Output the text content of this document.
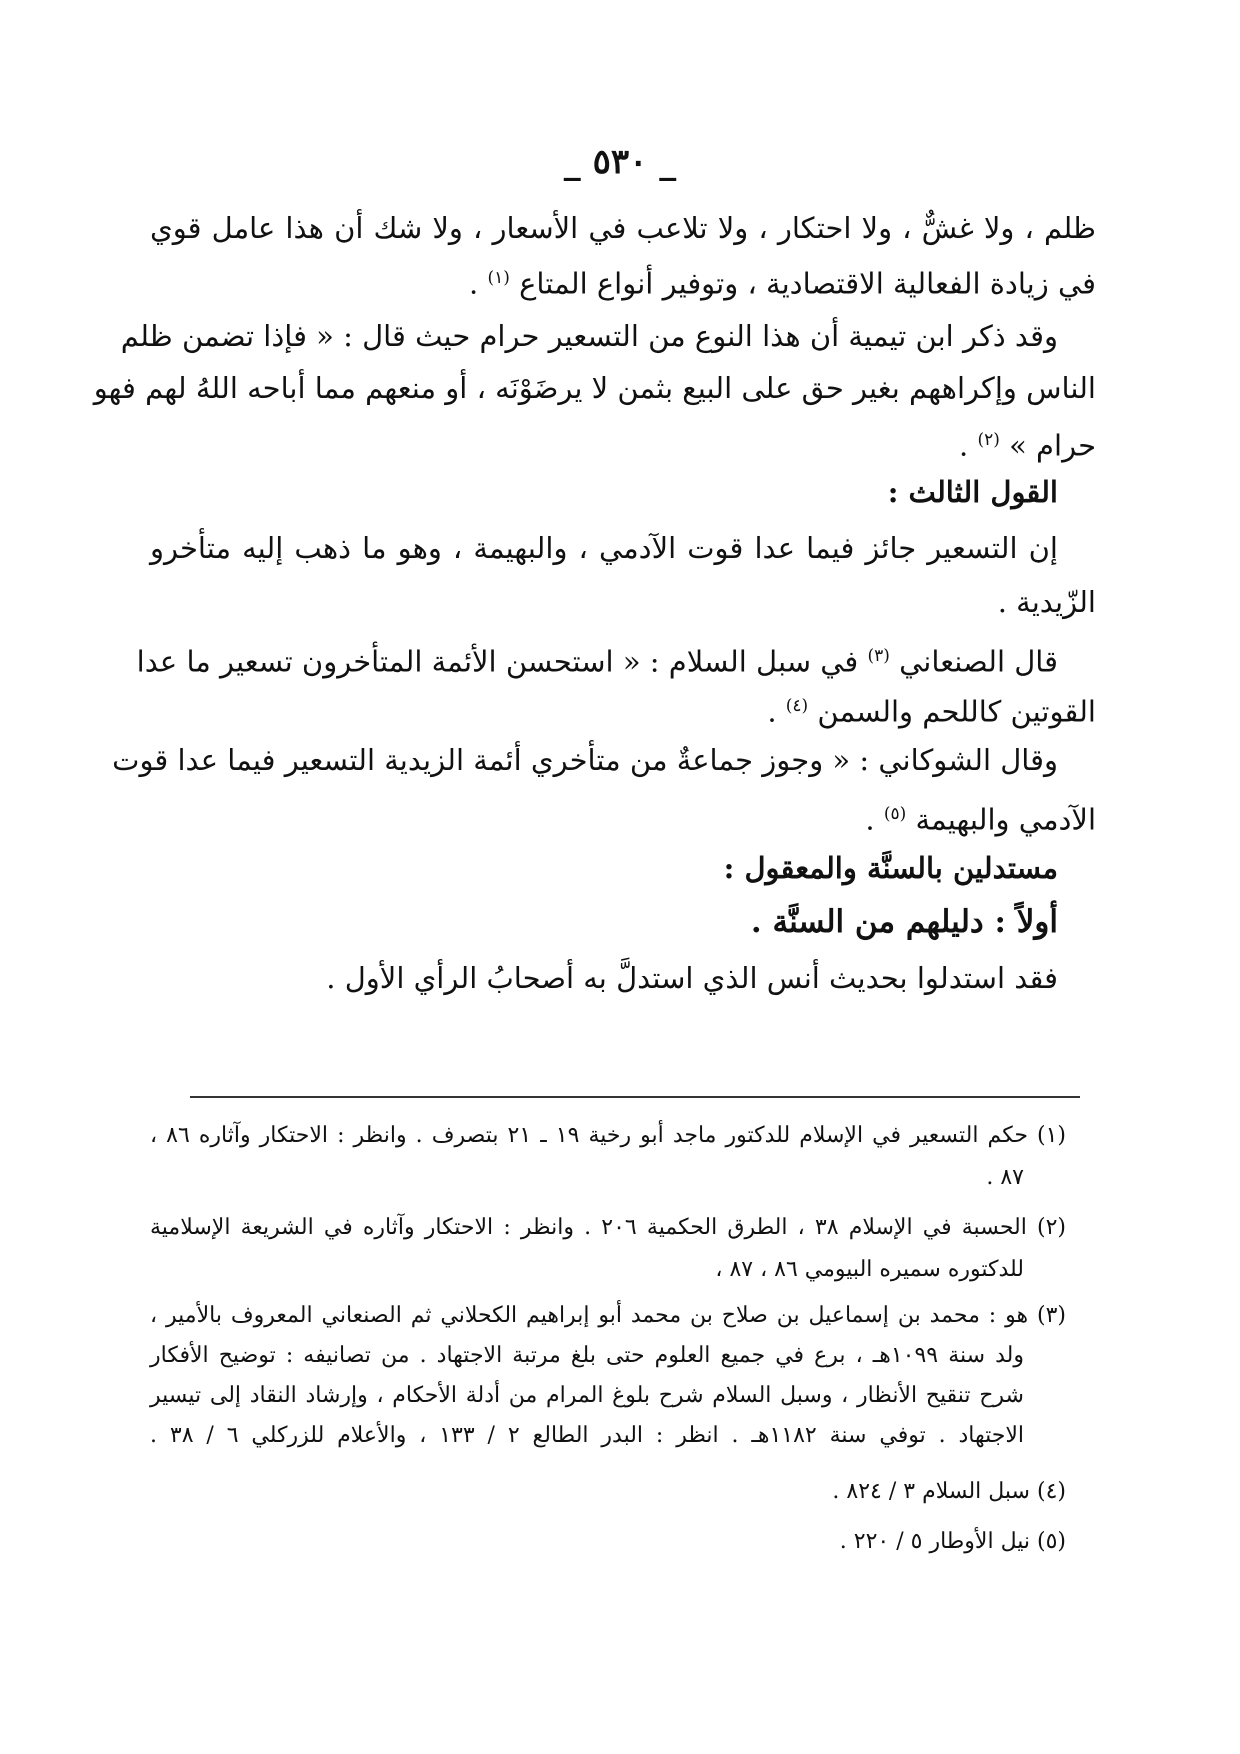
_ ٥٣٠ _
ظلم ، ولا غشٌّ ، ولا احتكار ، ولا تلاعب في الأسعار ، ولا شك أن هذا عامل قوي
في زيادة الفعالية الاقتصادية ، وتوفير أنواع المتاع $^{(١)}$ .
وقد ذكر ابن تيمية أن هذا النوع من التسعير حرام حيث قال : « فإذا تضمن ظلم
الناس وإكراههم بغير حق على البيع بثمن لا يرضَوْنَه ، أو منعهم مما أباحه اللهُ لهم فهو
حرام » $^{(٢)}$ .
القول الثالث :
إن التسعير جائز فيما عدا قوت الآدمي ، والبهيمة ، وهو ما ذهب إليه متأخرو
الزّيدية .
قال الصنعاني $^{(٣)}$ في سبل السلام : « استحسن الأئمة المتأخرون تسعير ما عدا
القوتين كاللحم والسمن $^{(٤)}$ .
وقال الشوكاني : « وجوز جماعةٌ من متأخري أئمة الزيدية التسعير فيما عدا قوت
الآدمي والبهيمة $^{(٥)}$ .
مستدلين بالسنَّة والمعقول :
أولاً : دليلهم من السنَّة .
فقد استدلوا بحديث أنس الذي استدلَّ به أصحابُ الرأي الأول .
(١) حكم التسعير في الإسلام للدكتور ماجد أبو رخية ١٩ ـ ٢١ بتصرف . وانظر : الاحتكار وآثاره ٨٦ ،
٨٧ .
(٢) الحسبة في الإسلام ٣٨ ، الطرق الحكمية ٢٠٦ . وانظر : الاحتكار وآثاره في الشريعة الإسلامية
للدكتوره سميره البيومي ٨٦ ، ٨٧ ،
(٣) هو : محمد بن إسماعيل بن صلاح بن محمد أبو إبراهيم الكحلاني ثم الصنعاني المعروف بالأمير ،
ولد سنة ١٠٩٩هـ ، برع في جميع العلوم حتى بلغ مرتبة الاجتهاد . من تصانيفه : توضيح الأفكار
شرح تنقيح الأنظار ، وسبل السلام شرح بلوغ المرام من أدلة الأحكام ، وإرشاد النقاد إلى تيسير
الاجتهاد . توفي سنة ١١٨٢هـ . انظر : البدر الطالع ٢ / ١٣٣ ، والأعلام للزركلي ٦ / ٣٨ .
(٤) سبل السلام ٣ / ٨٢٤ .
(٥) نيل الأوطار ٥ / ٢٢٠ .
